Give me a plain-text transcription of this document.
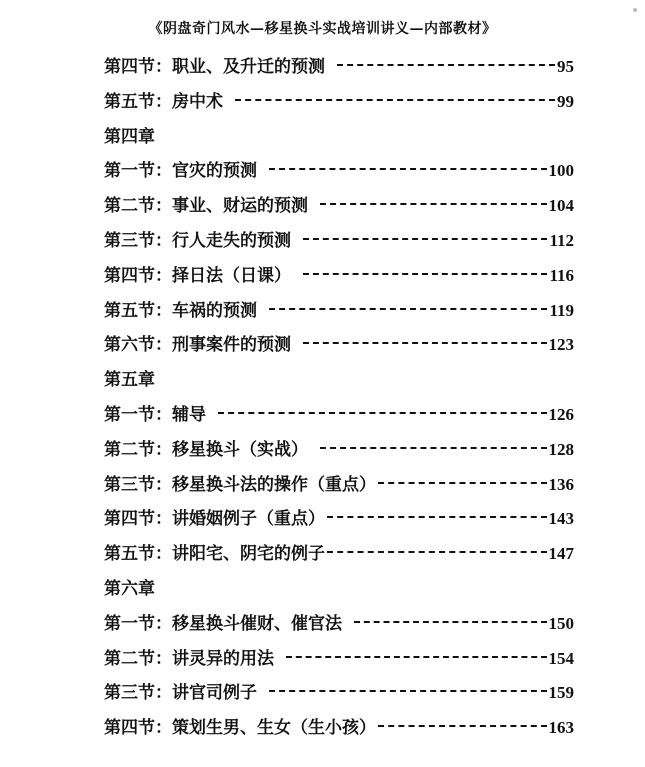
《阴盘奇门风水—移星换斗实战培训讲义—内部教材》
第四节： 职业、及升迁的预测	95
第五节： 房中术	99
第四章
第一节： 官灾的预测	100
第二节： 事业、财运的预测	104
第三节： 行人走失的预测	112
第四节： 择日法（日课）	116
第五节： 车祸的预测	119
第六节： 刑事案件的预测	123
第五章
第一节： 辅导	126
第二节： 移星换斗（实战）	128
第三节： 移星换斗法的操作（重点）	136
第四节： 讲婚姻例子（重点）	143
第五节： 讲阳宅、阴宅的例子	147
第六章
第一节： 移星换斗催财、催官法	150
第二节： 讲灵异的用法	154
第三节： 讲官司例子	159
第四节： 策划生男、生女（生小孩）	163
